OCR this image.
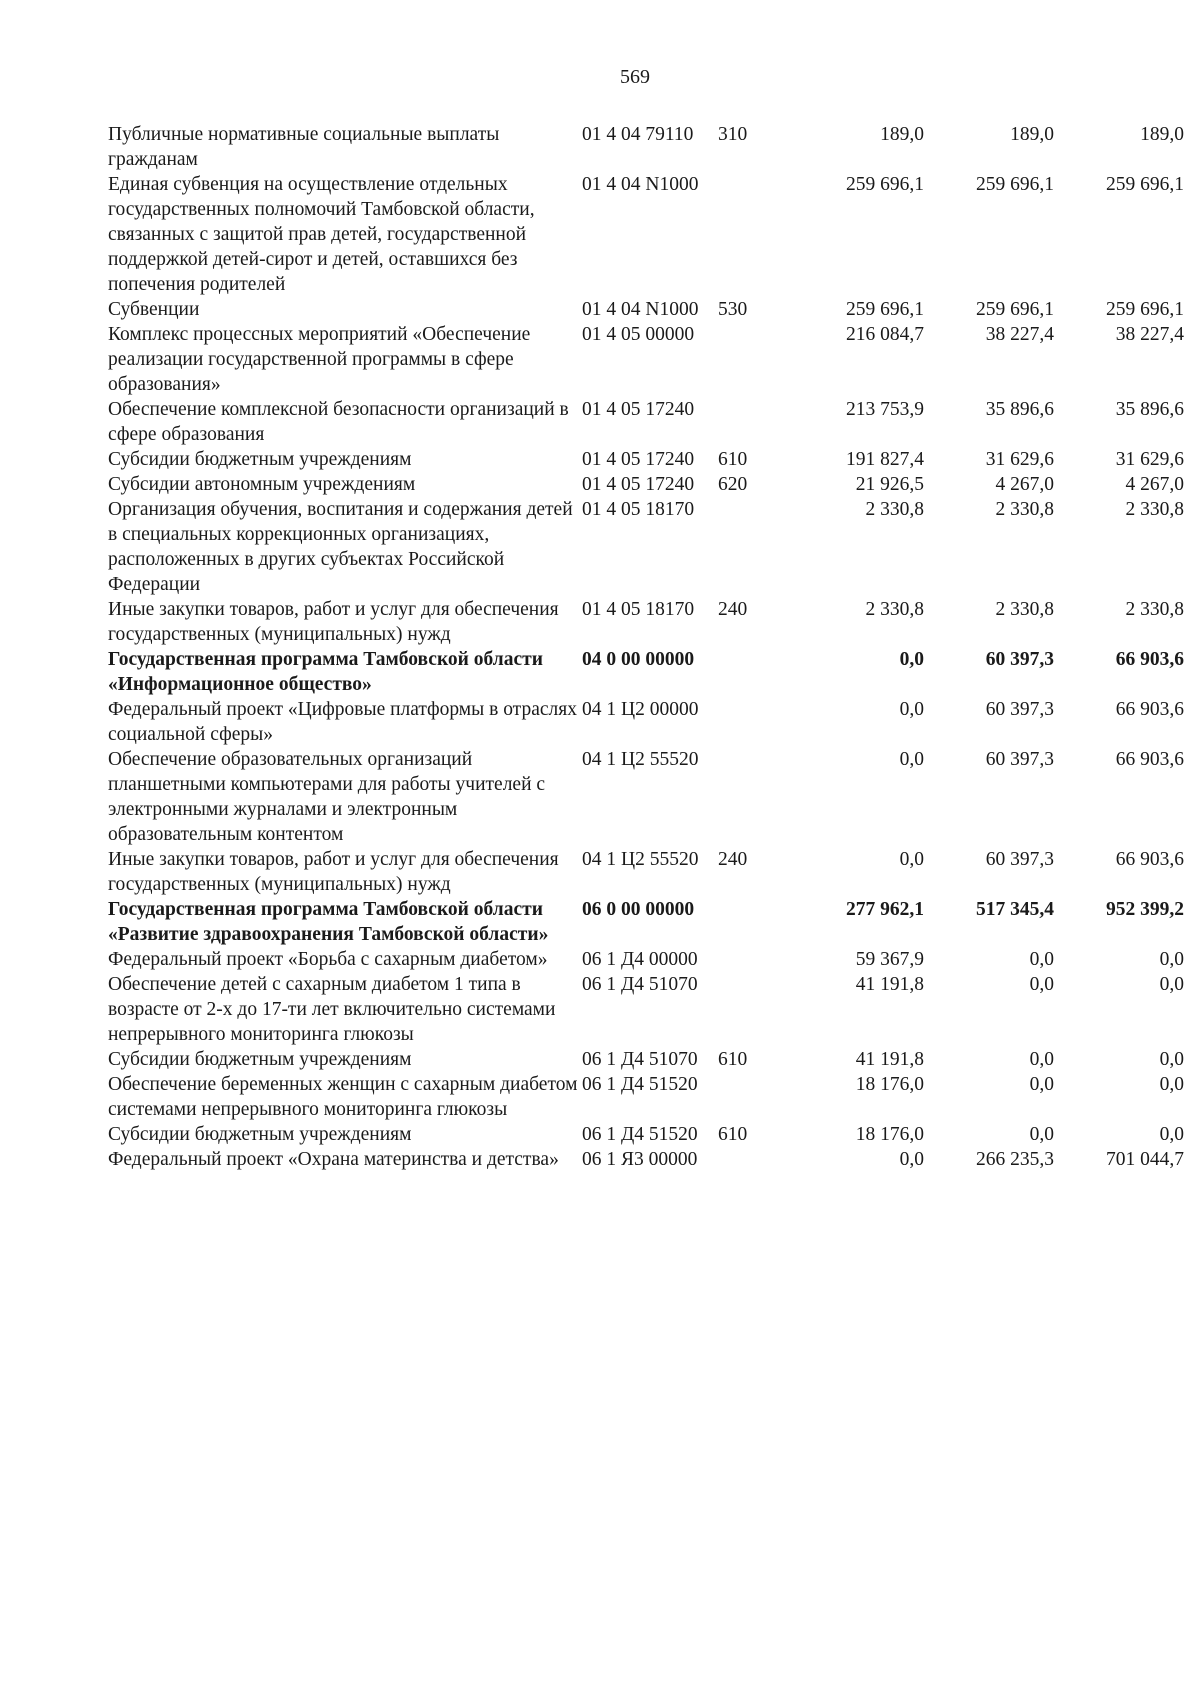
569
Публичные нормативные социальные выплаты гражданам	01 4 04 79110	310	189,0	189,0	189,0
Единая субвенция на осуществление отдельных государственных полномочий Тамбовской области, связанных с защитой прав детей, государственной поддержкой детей-сирот и детей, оставшихся без попечения родителей	01 4 04 N1000		259 696,1	259 696,1	259 696,1
Субвенции	01 4 04 N1000	530	259 696,1	259 696,1	259 696,1
Комплекс процессных мероприятий «Обеспечение реализации государственной программы в сфере образования»	01 4 05 00000		216 084,7	38 227,4	38 227,4
Обеспечение комплексной безопасности организаций в сфере образования	01 4 05 17240		213 753,9	35 896,6	35 896,6
Субсидии бюджетным учреждениям	01 4 05 17240	610	191 827,4	31 629,6	31 629,6
Субсидии автономным учреждениям	01 4 05 17240	620	21 926,5	4 267,0	4 267,0
Организация обучения, воспитания и содержания детей в специальных коррекционных организациях, расположенных в других субъектах Российской Федерации	01 4 05 18170		2 330,8	2 330,8	2 330,8
Иные закупки товаров, работ и услуг для обеспечения государственных (муниципальных) нужд	01 4 05 18170	240	2 330,8	2 330,8	2 330,8
Государственная программа Тамбовской области «Информационное общество»	04 0 00 00000		0,0	60 397,3	66 903,6
Федеральный проект «Цифровые платформы в отраслях социальной сферы»	04 1 Ц2 00000		0,0	60 397,3	66 903,6
Обеспечение образовательных организаций планшетными компьютерами для работы учителей с электронными журналами и электронным образовательным контентом	04 1 Ц2 55520		0,0	60 397,3	66 903,6
Иные закупки товаров, работ и услуг для обеспечения государственных (муниципальных) нужд	04 1 Ц2 55520	240	0,0	60 397,3	66 903,6
Государственная программа Тамбовской области «Развитие здравоохранения Тамбовской области»	06 0 00 00000		277 962,1	517 345,4	952 399,2
Федеральный проект «Борьба с сахарным диабетом»	06 1 Д4 00000		59 367,9	0,0	0,0
Обеспечение детей с сахарным диабетом 1 типа в возрасте от 2-х до 17-ти лет включительно системами непрерывного мониторинга глюкозы	06 1 Д4 51070		41 191,8	0,0	0,0
Субсидии бюджетным учреждениям	06 1 Д4 51070	610	41 191,8	0,0	0,0
Обеспечение беременных женщин с сахарным диабетом системами непрерывного мониторинга глюкозы	06 1 Д4 51520		18 176,0	0,0	0,0
Субсидии бюджетным учреждениям	06 1 Д4 51520	610	18 176,0	0,0	0,0
Федеральный проект «Охрана материнства и детства»	06 1 Я3 00000		0,0	266 235,3	701 044,7
